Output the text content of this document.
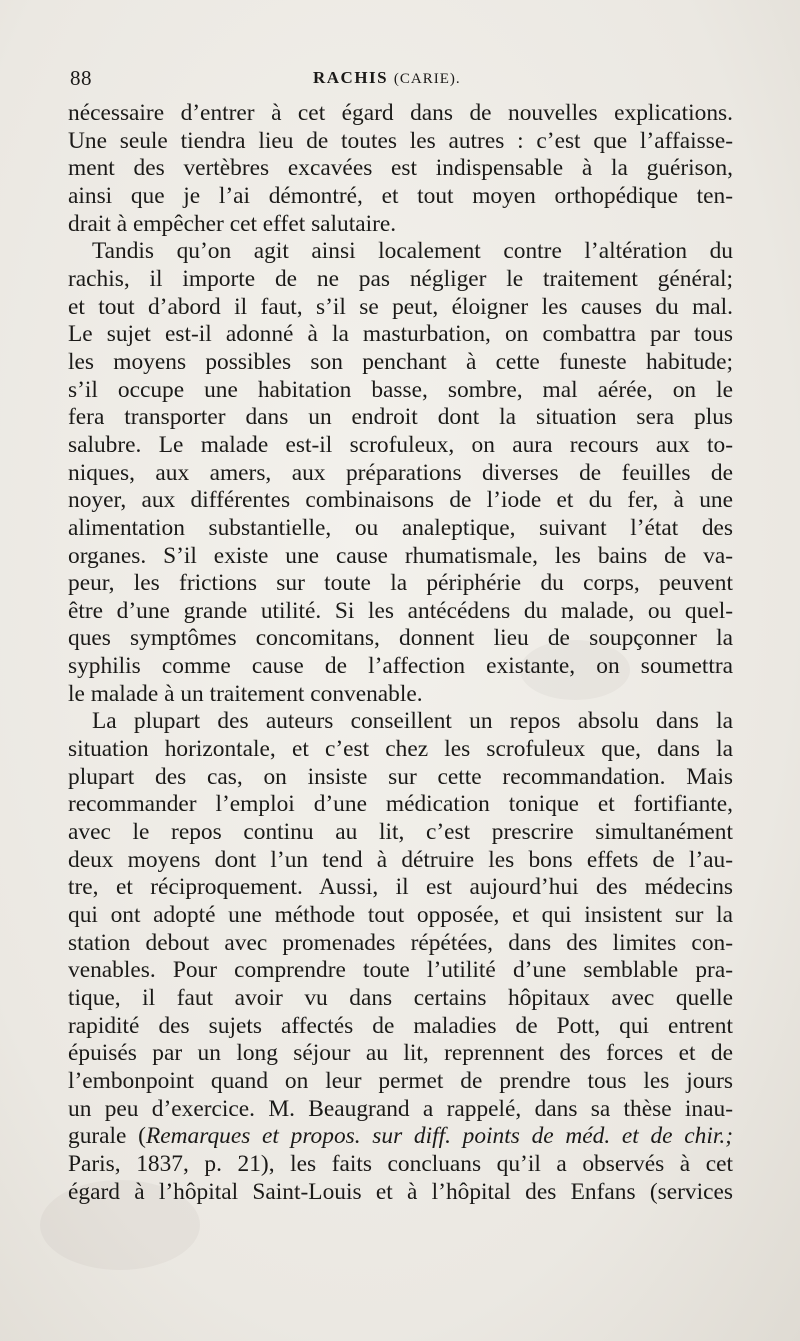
88	RACHIS (CARIE).
nécessaire d’entrer à cet égard dans de nouvelles explications.
Une seule tiendra lieu de toutes les autres : c’est que l’affaisse-
ment des vertèbres excavées est indispensable à la guérison,
ainsi que je l’ai démontré, et tout moyen orthopédique ten-
drait à empêcher cet effet salutaire.
Tandis qu’on agit ainsi localement contre l’altération du
rachis, il importe de ne pas négliger le traitement général;
et tout d’abord il faut, s’il se peut, éloigner les causes du mal.
Le sujet est-il adonné à la masturbation, on combattra par tous
les moyens possibles son penchant à cette funeste habitude;
s’il occupe une habitation basse, sombre, mal aérée, on le
fera transporter dans un endroit dont la situation sera plus
salubre. Le malade est-il scrofuleux, on aura recours aux to-
niques, aux amers, aux préparations diverses de feuilles de
noyer, aux différentes combinaisons de l’iode et du fer, à une
alimentation substantielle, ou analeptique, suivant l’état des
organes. S’il existe une cause rhumatismale, les bains de va-
peur, les frictions sur toute la périphérie du corps, peuvent
être d’une grande utilité. Si les antécédens du malade, ou quel-
ques symptômes concomitans, donnent lieu de soupçonner la
syphilis comme cause de l’affection existante, on soumettra
le malade à un traitement convenable.
La plupart des auteurs conseillent un repos absolu dans la
situation horizontale, et c’est chez les scrofuleux que, dans la
plupart des cas, on insiste sur cette recommandation. Mais
recommander l’emploi d’une médication tonique et fortifiante,
avec le repos continu au lit, c’est prescrire simultanément
deux moyens dont l’un tend à détruire les bons effets de l’au-
tre, et réciproquement. Aussi, il est aujourd’hui des médecins
qui ont adopté une méthode tout opposée, et qui insistent sur la
station debout avec promenades répétées, dans des limites con-
venables. Pour comprendre toute l’utilité d’une semblable pra-
tique, il faut avoir vu dans certains hôpitaux avec quelle
rapidité des sujets affectés de maladies de Pott, qui entrent
épuisés par un long séjour au lit, reprennent des forces et de
l’embonpoint quand on leur permet de prendre tous les jours
un peu d’exercice. M. Beaugrand a rappelé, dans sa thèse inau-
gurale (Remarques et propos. sur diff. points de méd. et de chir.;
Paris, 1837, p. 21), les faits concluans qu’il a observés à cet
égard à l’hôpital Saint-Louis et à l’hôpital des Enfans (services
